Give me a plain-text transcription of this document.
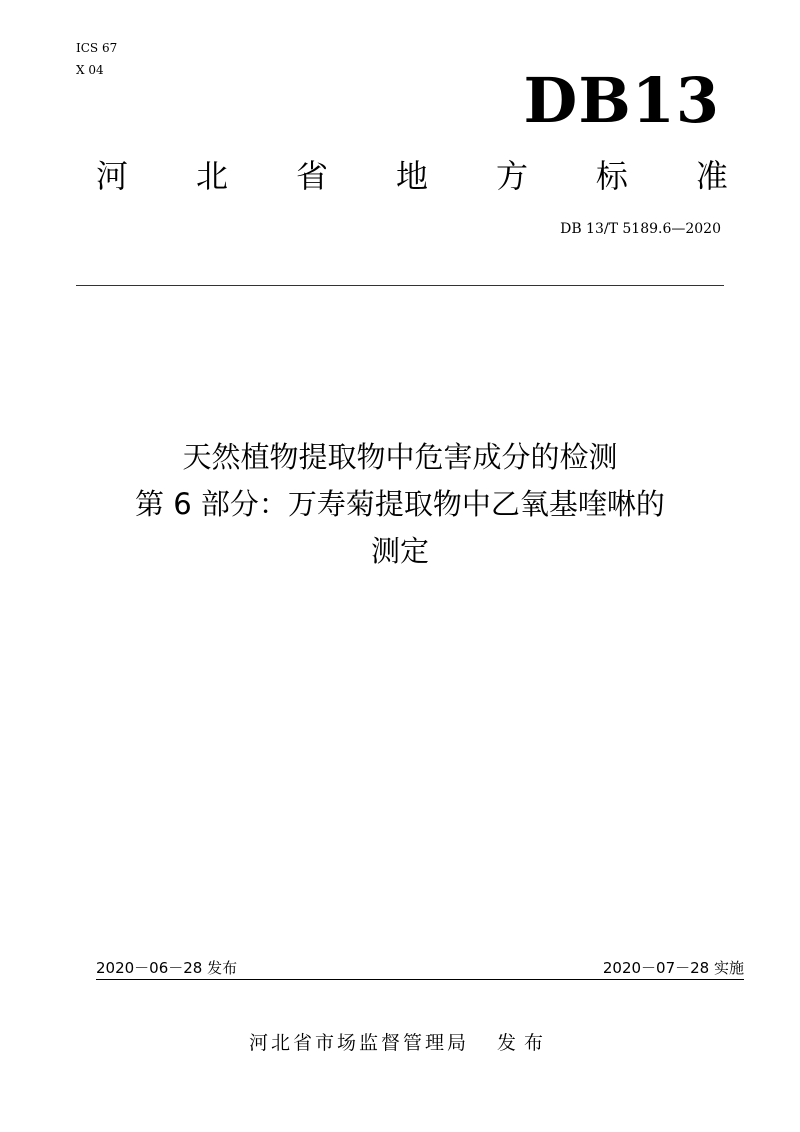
ICS 67
X 04	DB13
河 北 省 地 方 标 准
DB 13/T 5189.6—2020
天然植物提取物中危害成分的检测
第 6 部分：万寿菊提取物中乙氧基喹啉的
测定
2020－06－28 发布	2020－07－28 实施
河北省市场监督管理局 发布
